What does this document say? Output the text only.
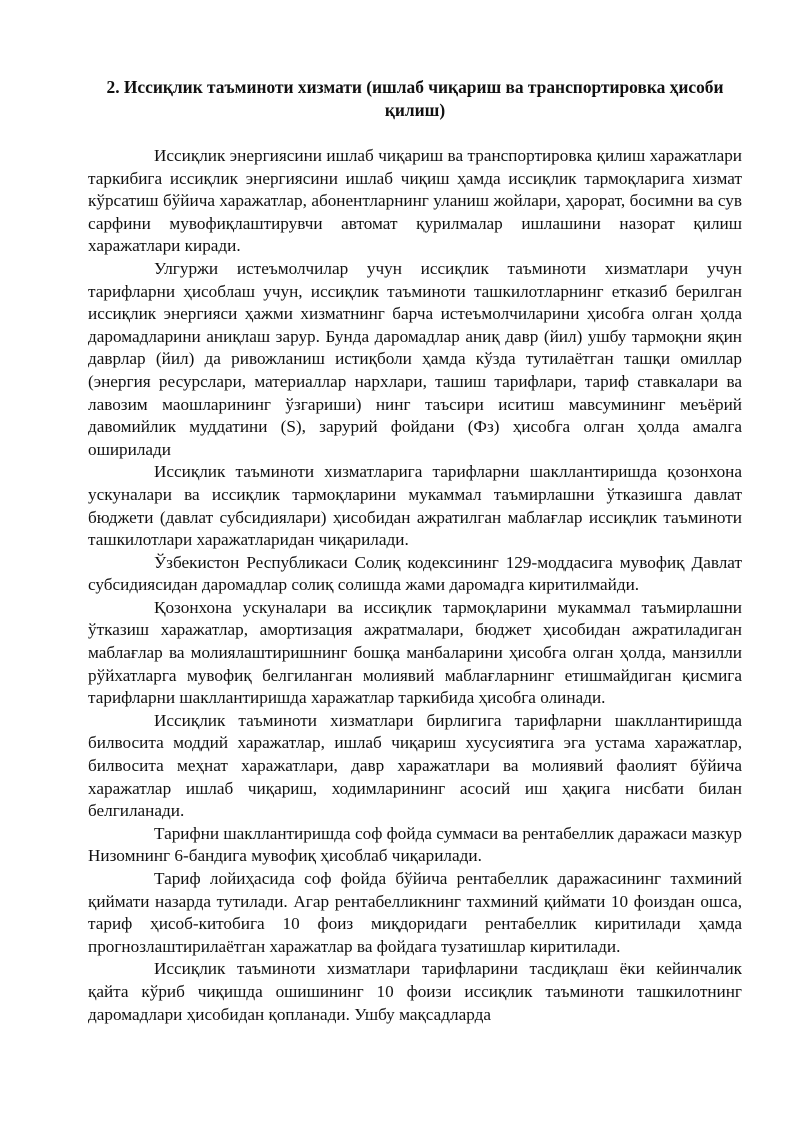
2. Иссиқлик таъминоти хизмати (ишлаб чиқариш ва транспортировка ҳисоби қилиш)

Иссиқлик энергиясини ишлаб чиқариш ва транспортировка қилиш харажатлари таркибига иссиқлик энергиясини ишлаб чиқиш ҳамда иссиқлик тармоқларига хизмат кўрсатиш бўйича харажатлар, абонентларнинг уланиш жойлари, ҳарорат, босимни ва сув сарфини мувофиқлаштирувчи автомат қурилмалар ишлашини назорат қилиш харажатлари киради.

Улгуржи истеъмолчилар учун иссиқлик таъминоти хизматлари учун тарифларни ҳисоблаш учун, иссиқлик таъминоти ташкилотларнинг етказиб берилган иссиқлик энергияси ҳажми хизматнинг барча истеъмолчиларини ҳисобга олган ҳолда даромадларини аниқлаш зарур. Бунда даромадлар аниқ давр (йил) ушбу тармоқни яқин даврлар (йил) да ривожланиш истиқболи ҳамда кўзда тутилаётган ташқи омиллар (энергия ресурслари, материаллар нархлари, ташиш тарифлари, тариф ставкалари ва лавозим маошларининг ўзгариши) нинг таъсири иситиш мавсумининг меъёрий давомийлик муддатини (S), зарурий фойдани (Фз) ҳисобга олган ҳолда амалга оширилади

Иссиқлик таъминоти хизматларига тарифларни шакллантиришда қозонхона ускуналари ва иссиқлик тармоқларини мукаммал таъмирлашни ўтказишга давлат бюджети (давлат субсидиялари) ҳисобидан ажратилган маблағлар иссиқлик таъминоти ташкилотлари харажатларидан чиқарилади.

Ўзбекистон Республикаси Солиқ кодексининг 129-моддасига мувофиқ Давлат субсидиясидан даромадлар солиқ солишда жами даромадга киритилмайди.

Қозонхона ускуналари ва иссиқлик тармоқларини мукаммал таъмирлашни ўтказиш харажатлар, амортизация ажратмалари, бюджет ҳисобидан ажратиладиган маблағлар ва молиялаштиришнинг бошқа манбаларини ҳисобга олган ҳолда, манзилли рўйхатларга мувофиқ белгиланган молиявий маблағларнинг етишмайдиган қисмига тарифларни шакллантиришда харажатлар таркибида ҳисобга олинади.

Иссиқлик таъминоти хизматлари бирлигига тарифларни шакллантиришда билвосита моддий харажатлар, ишлаб чиқариш хусусиятига эга устама харажатлар, билвосита меҳнат харажатлари, давр харажатлари ва молиявий фаолият бўйича харажатлар ишлаб чиқариш, ходимларининг асосий иш ҳақига нисбати билан белгиланади.

Тарифни шакллантиришда соф фойда суммаси ва рентабеллик даражаси мазкур Низомнинг 6-бандига мувофиқ ҳисоблаб чиқарилади.

Тариф лойиҳасида соф фойда бўйича рентабеллик даражасининг тахминий қиймати назарда тутилади. Агар рентабелликнинг тахминий қиймати 10 фоиздан ошса, тариф ҳисоб-китобига 10 фоиз миқдоридаги рентабеллик киритилади ҳамда прогнозлаштирилаётган харажатлар ва фойдага тузатишлар киритилади.

Иссиқлик таъминоти хизматлари тарифларини тасдиқлаш ёки кейинчалик қайта кўриб чиқишда ошишининг 10 фоизи иссиқлик таъминоти ташкилотнинг даромадлари ҳисобидан қопланади. Ушбу мақсадларда
